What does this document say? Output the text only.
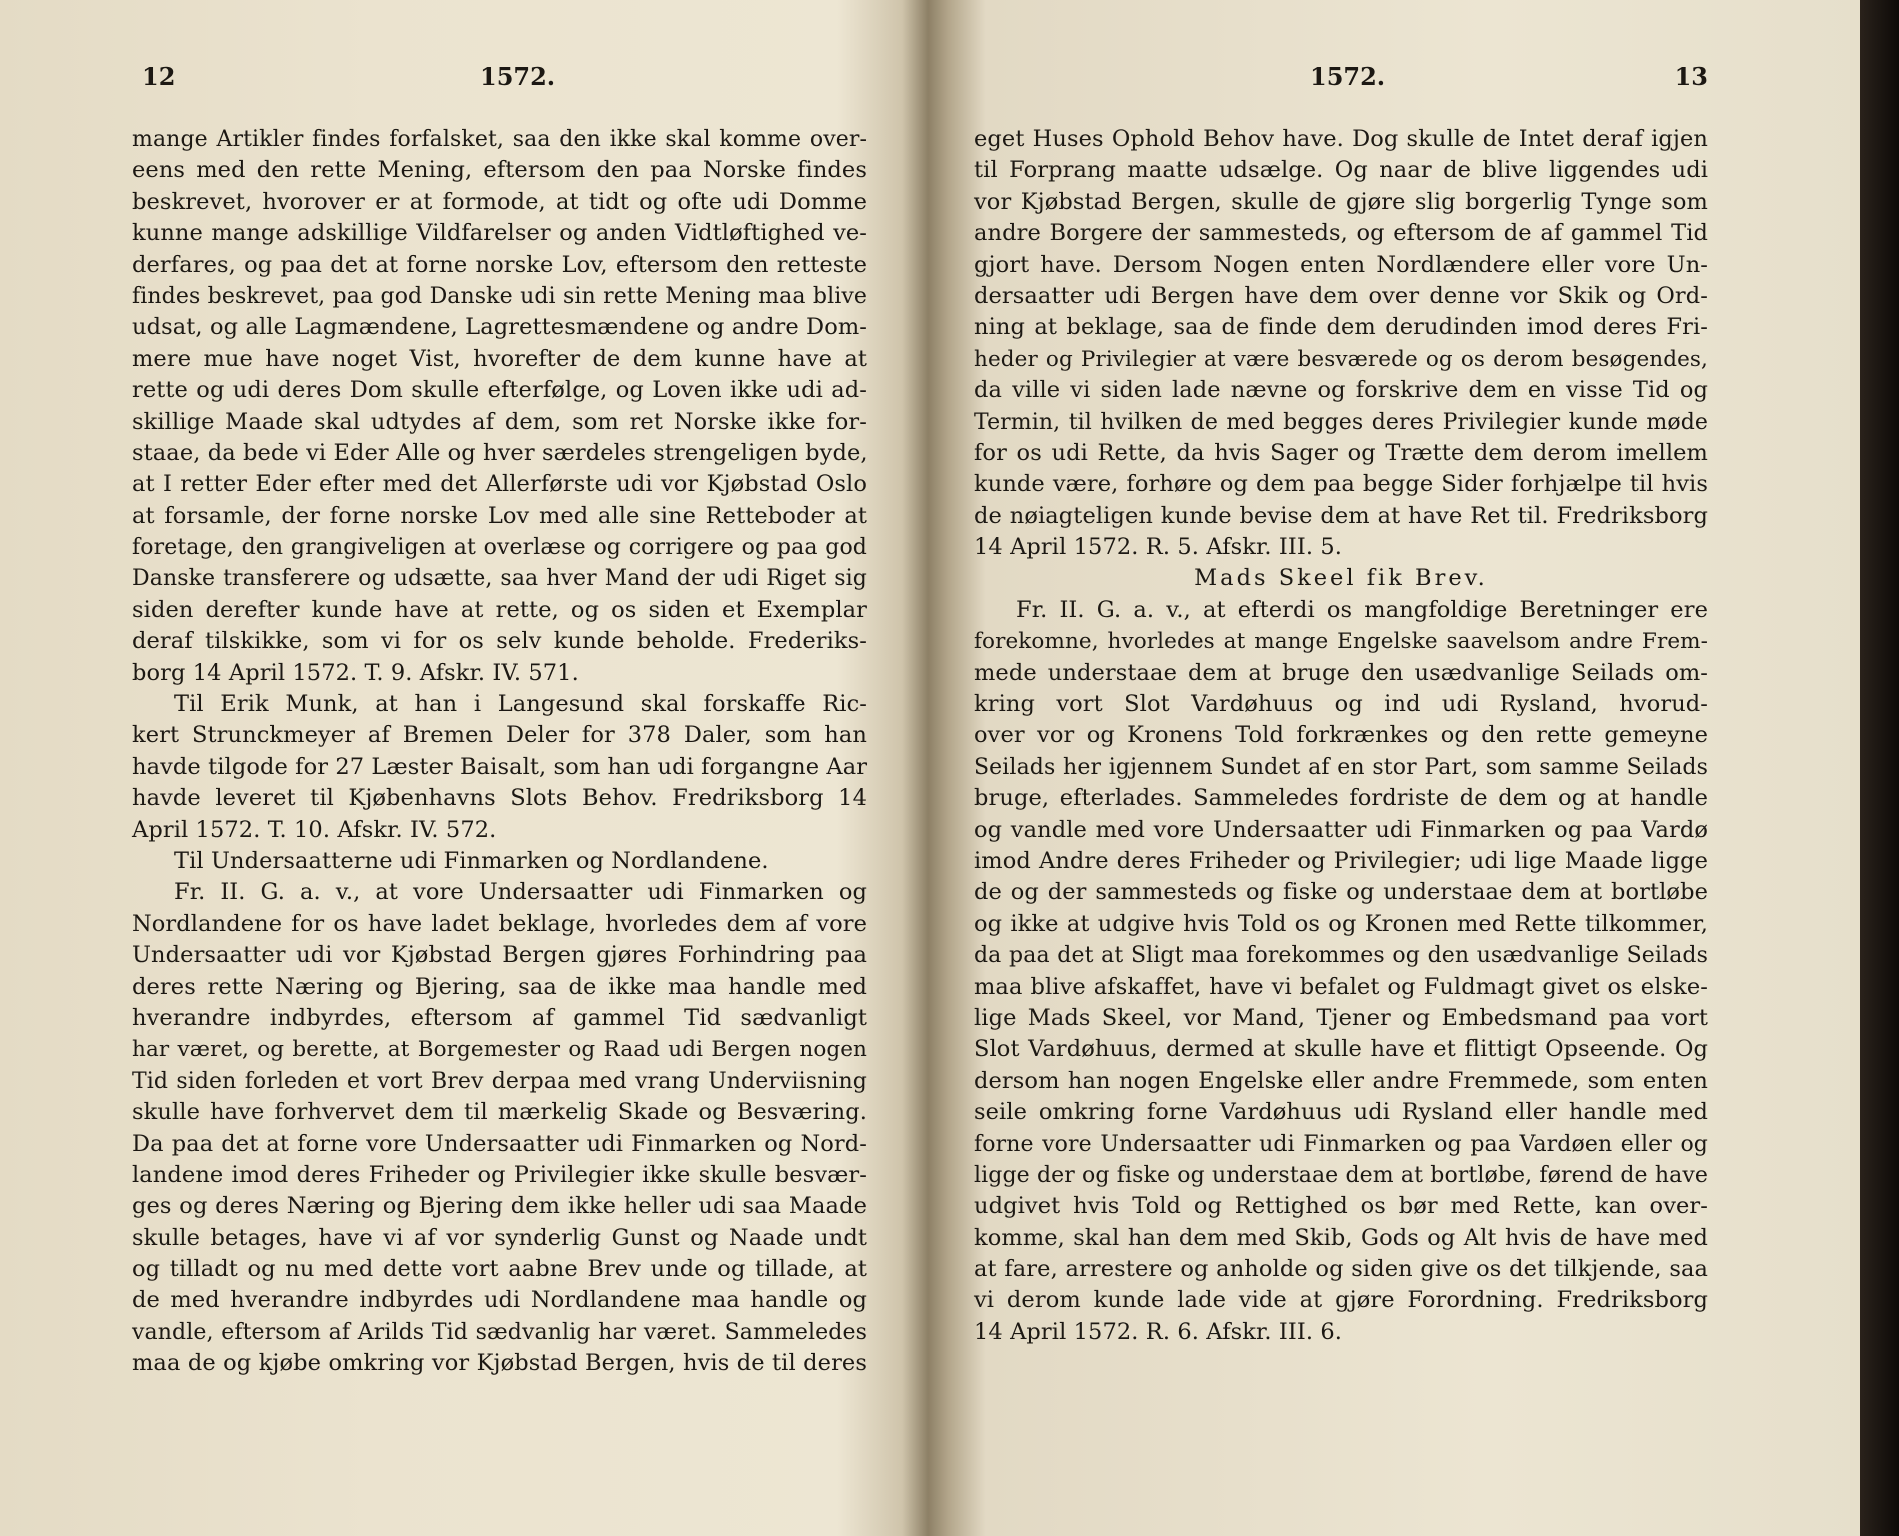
12	1572.
mange Artikler findes forfalsket, saa den ikke skal komme over-
eens med den rette Mening, eftersom den paa Norske findes
beskrevet, hvorover er at formode, at tidt og ofte udi Domme
kunne mange adskillige Vildfarelser og anden Vidtløftighed ve-
derfares, og paa det at forne norske Lov, eftersom den retteste
findes beskrevet, paa god Danske udi sin rette Mening maa blive
udsat, og alle Lagmændene, Lagrettesmændene og andre Dom-
mere mue have noget Vist, hvorefter de dem kunne have at
rette og udi deres Dom skulle efterfølge, og Loven ikke udi ad-
skillige Maade skal udtydes af dem, som ret Norske ikke for-
staae, da bede vi Eder Alle og hver særdeles strengeligen byde,
at I retter Eder efter med det Allerførste udi vor Kjøbstad Oslo
at forsamle, der forne norske Lov med alle sine Retteboder at
foretage, den grangiveligen at overlæse og corrigere og paa god
Danske transferere og udsætte, saa hver Mand der udi Riget sig
siden derefter kunde have at rette, og os siden et Exemplar
deraf tilskikke, som vi for os selv kunde beholde. Frederiks-
borg 14 April 1572. T. 9. Afskr. IV. 571.
Til Erik Munk, at han i Langesund skal forskaffe Ric-
kert Strunckmeyer af Bremen Deler for 378 Daler, som han
havde tilgode for 27 Læster Baisalt, som han udi forgangne Aar
havde leveret til Kjøbenhavns Slots Behov. Fredriksborg 14
April 1572. T. 10. Afskr. IV. 572.
Til Undersaatterne udi Finmarken og Nordlandene.
Fr. II. G. a. v., at vore Undersaatter udi Finmarken og
Nordlandene for os have ladet beklage, hvorledes dem af vore
Undersaatter udi vor Kjøbstad Bergen gjøres Forhindring paa
deres rette Næring og Bjering, saa de ikke maa handle med
hverandre indbyrdes, eftersom af gammel Tid sædvanligt
har været, og berette, at Borgemester og Raad udi Bergen nogen
Tid siden forleden et vort Brev derpaa med vrang Underviisning
skulle have forhvervet dem til mærkelig Skade og Besværing.
Da paa det at forne vore Undersaatter udi Finmarken og Nord-
landene imod deres Friheder og Privilegier ikke skulle besvær-
ges og deres Næring og Bjering dem ikke heller udi saa Maade
skulle betages, have vi af vor synderlig Gunst og Naade undt
og tilladt og nu med dette vort aabne Brev unde og tillade, at
de med hverandre indbyrdes udi Nordlandene maa handle og
vandle, eftersom af Arilds Tid sædvanlig har været. Sammeledes
maa de og kjøbe omkring vor Kjøbstad Bergen, hvis de til deres
1572.	13
eget Huses Ophold Behov have. Dog skulle de Intet deraf igjen
til Forprang maatte udsælge. Og naar de blive liggendes udi
vor Kjøbstad Bergen, skulle de gjøre slig borgerlig Tynge som
andre Borgere der sammesteds, og eftersom de af gammel Tid
gjort have. Dersom Nogen enten Nordlændere eller vore Un-
dersaatter udi Bergen have dem over denne vor Skik og Ord-
ning at beklage, saa de finde dem derudinden imod deres Fri-
heder og Privilegier at være besværede og os derom besøgendes,
da ville vi siden lade nævne og forskrive dem en visse Tid og
Termin, til hvilken de med begges deres Privilegier kunde møde
for os udi Rette, da hvis Sager og Trætte dem derom imellem
kunde være, forhøre og dem paa begge Sider forhjælpe til hvis
de nøiagteligen kunde bevise dem at have Ret til. Fredriksborg
14 April 1572. R. 5. Afskr. III. 5.
Mads Skeel fik Brev.
Fr. II. G. a. v., at efterdi os mangfoldige Beretninger ere
forekomne, hvorledes at mange Engelske saavelsom andre Frem-
mede understaae dem at bruge den usædvanlige Seilads om-
kring vort Slot Vardøhuus og ind udi Rysland, hvorud-
over vor og Kronens Told forkrænkes og den rette gemeyne
Seilads her igjennem Sundet af en stor Part, som samme Seilads
bruge, efterlades. Sammeledes fordriste de dem og at handle
og vandle med vore Undersaatter udi Finmarken og paa Vardø
imod Andre deres Friheder og Privilegier; udi lige Maade ligge
de og der sammesteds og fiske og understaae dem at bortløbe
og ikke at udgive hvis Told os og Kronen med Rette tilkommer,
da paa det at Sligt maa forekommes og den usædvanlige Seilads
maa blive afskaffet, have vi befalet og Fuldmagt givet os elske-
lige Mads Skeel, vor Mand, Tjener og Embedsmand paa vort
Slot Vardøhuus, dermed at skulle have et flittigt Opseende. Og
dersom han nogen Engelske eller andre Fremmede, som enten
seile omkring forne Vardøhuus udi Rysland eller handle med
forne vore Undersaatter udi Finmarken og paa Vardøen eller og
ligge der og fiske og understaae dem at bortløbe, førend de have
udgivet hvis Told og Rettighed os bør med Rette, kan over-
komme, skal han dem med Skib, Gods og Alt hvis de have med
at fare, arrestere og anholde og siden give os det tilkjende, saa
vi derom kunde lade vide at gjøre Forordning. Fredriksborg
14 April 1572. R. 6. Afskr. III. 6.
